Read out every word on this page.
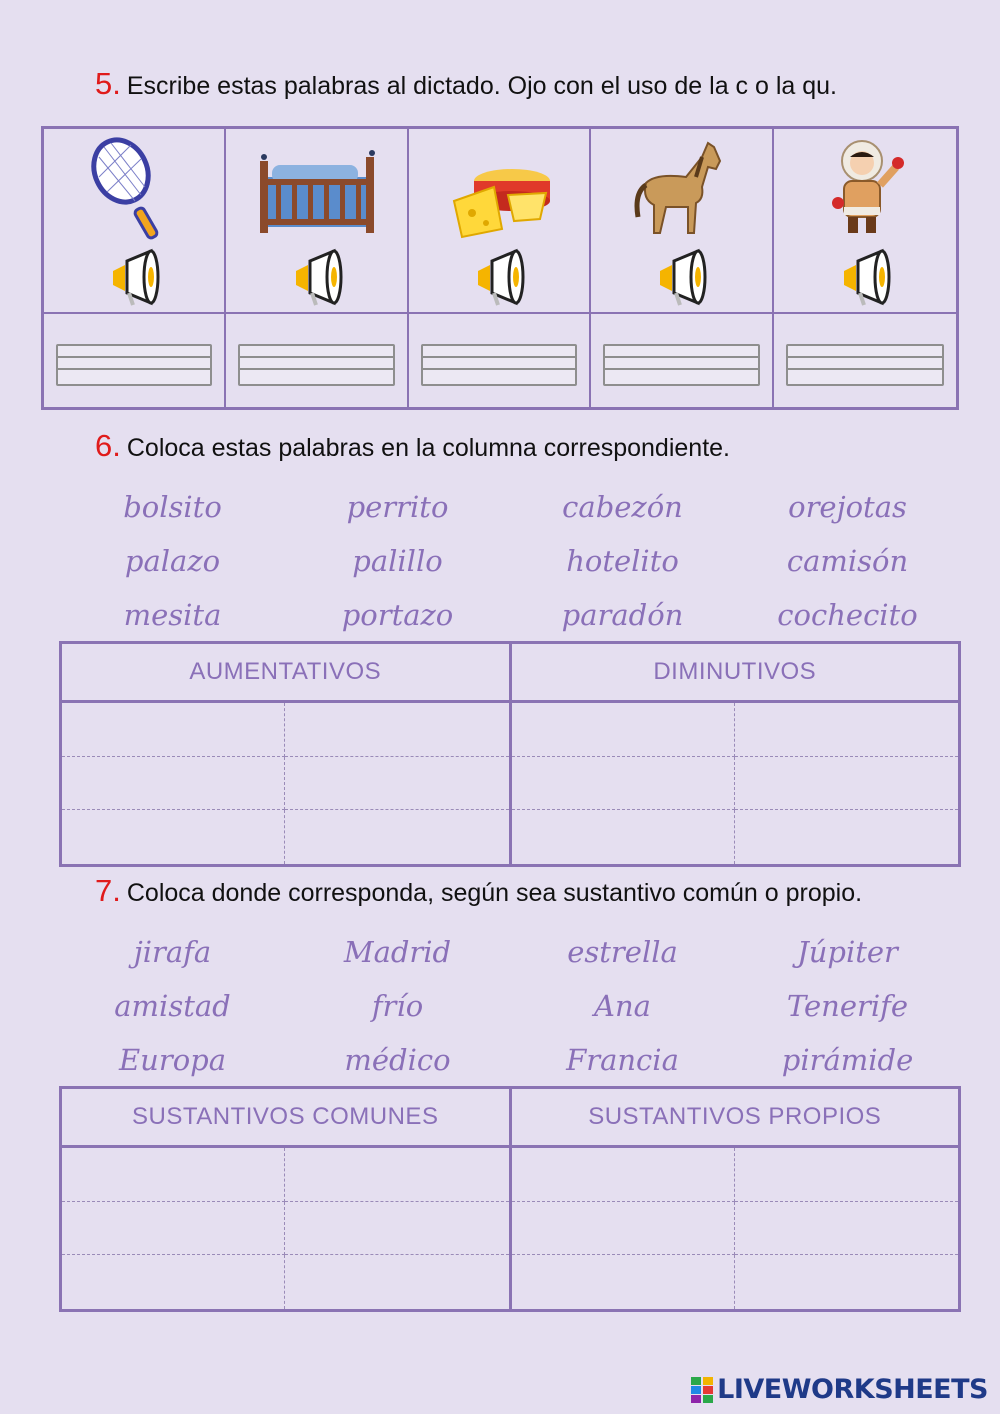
5. Escribe estas palabras al dictado. Ojo con el uso de la c o la qu.
6. Coloca estas palabras en la columna correspondiente.
bolsito	perrito	cabezón	orejotas
palazo	palillo	hotelito	camisón
mesita	portazo	paradón	cochecito
AUMENTATIVOS	DIMINUTIVOS
7. Coloca donde corresponda, según sea sustantivo común o propio.
jirafa	Madrid	estrella	Júpiter
amistad	frío	Ana	Tenerife
Europa	médico	Francia	pirámide
SUSTANTIVOS COMUNES	SUSTANTIVOS PROPIOS
LIVEWORKSHEETS
